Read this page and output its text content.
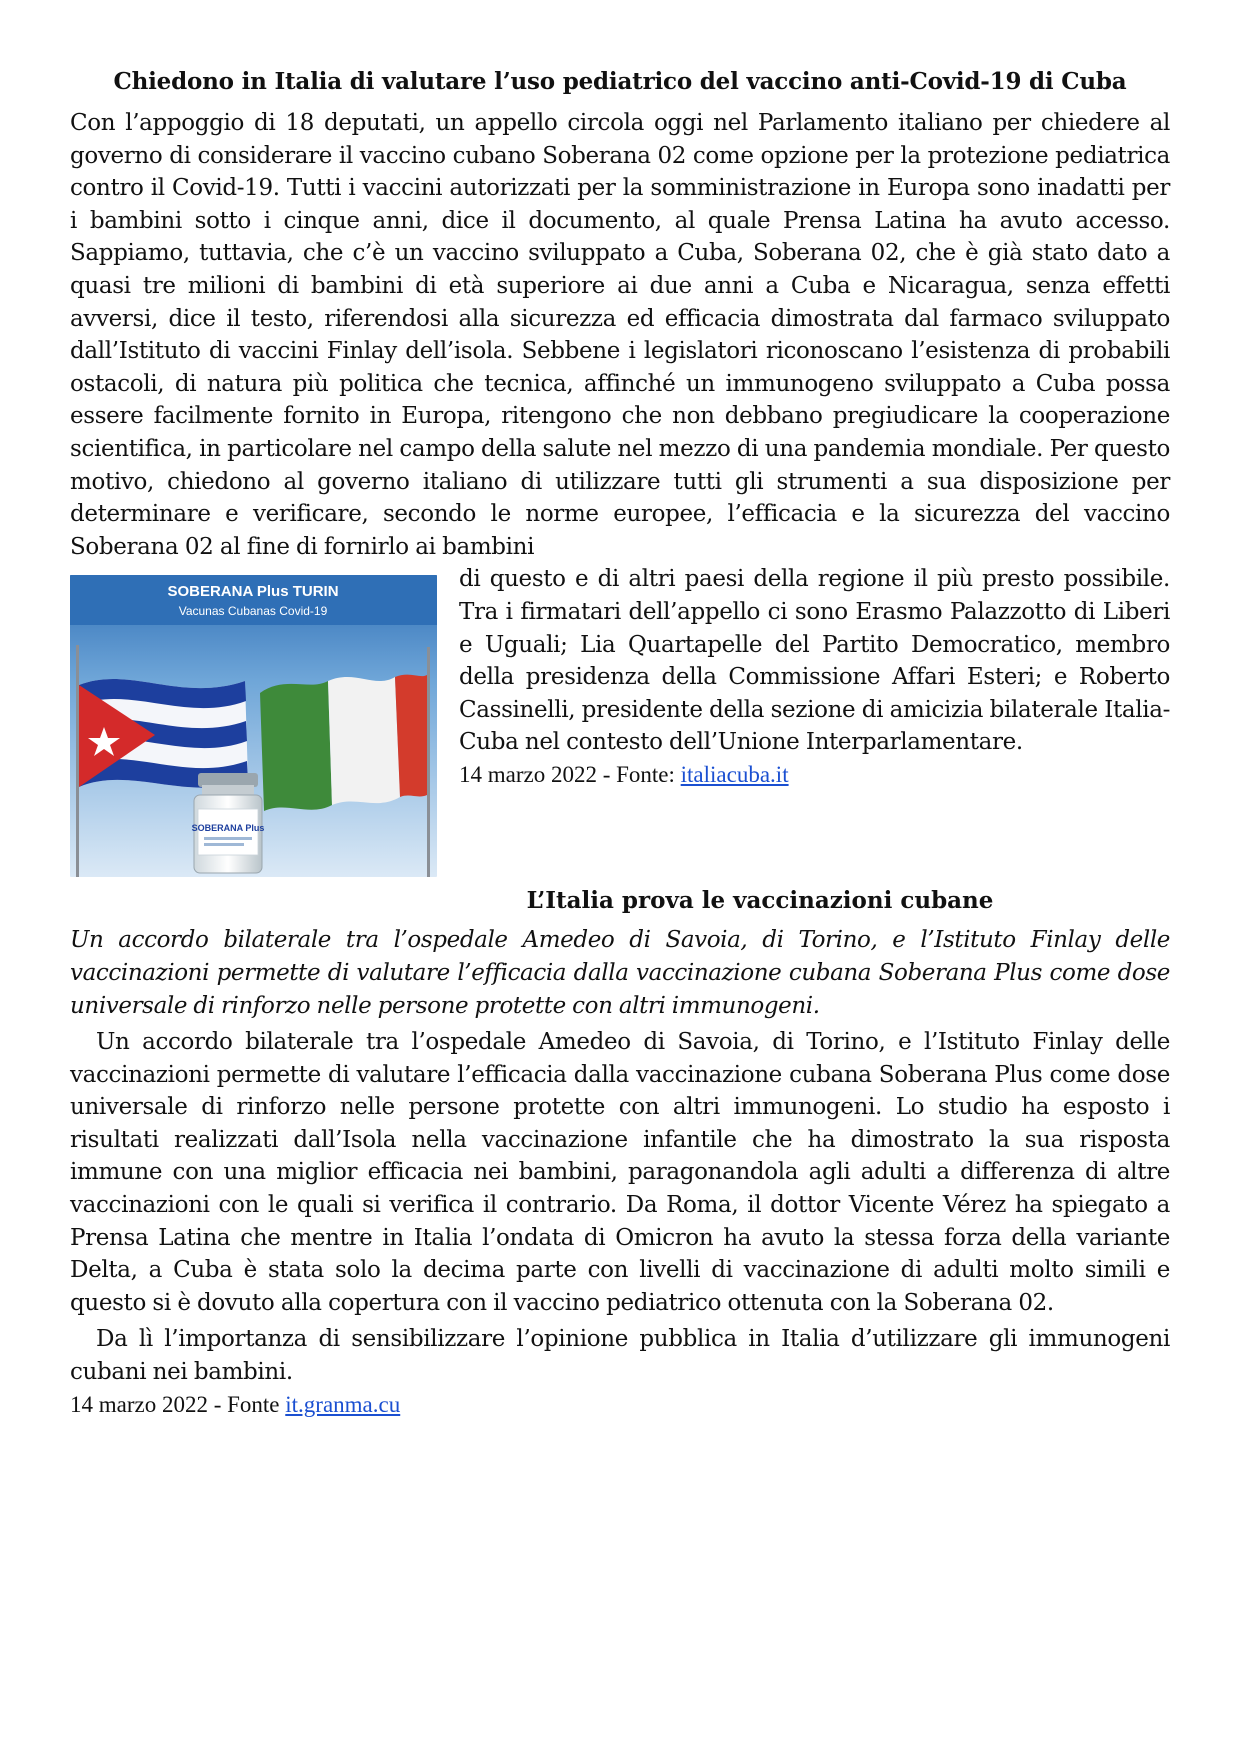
Chiedono in Italia di valutare l’uso pediatrico del vaccino anti-Covid-19 di Cuba

Con l’appoggio di 18 deputati, un appello circola oggi nel Parlamento italiano per chiedere al governo di considerare il vaccino cubano Soberana 02 come opzione per la protezione pediatrica contro il Covid-19. Tutti i vaccini autorizzati per la somministrazione in Europa sono inadatti per i bambini sotto i cinque anni, dice il documento, al quale Prensa Latina ha avuto accesso. Sappiamo, tuttavia, che c’è un vaccino sviluppato a Cuba, Soberana 02, che è già stato dato a quasi tre milioni di bambini di età superiore ai due anni a Cuba e Nicaragua, senza effetti avversi, dice il testo, riferendosi alla sicurezza ed efficacia dimostrata dal farmaco sviluppato dall’Istituto di vaccini Finlay dell’isola. Sebbene i legislatori riconoscano l’esistenza di probabili ostacoli, di natura più politica che tecnica, affinché un immunogeno sviluppato a Cuba possa essere facilmente fornito in Europa, ritengono che non debbano pregiudicare la cooperazione scientifica, in particolare nel campo della salute nel mezzo di una pandemia mondiale. Per questo motivo, chiedono al governo italiano di utilizzare tutti gli strumenti a sua disposizione per determinare e verificare, secondo le norme europee, l’efficacia e la sicurezza del vaccino Soberana 02 al fine di fornirlo ai bambini

SOBERANA Plus TURIN
Vacunas Cubanas Covid-19
SOBERANA Plus

di questo e di altri paesi della regione il più presto possibile. Tra i firmatari dell’appello ci sono Erasmo Palazzotto di Liberi e Uguali; Lia Quartapelle del Partito Democratico, membro della presidenza della Commissione Affari Esteri; e Roberto Cassinelli, presidente della sezione di amicizia bilaterale Italia-Cuba nel contesto dell’Unione Interparlamentare.

14 marzo 2022 - Fonte: italiacuba.it

L’Italia prova le vaccinazioni cubane

Un accordo bilaterale tra l’ospedale Amedeo di Savoia, di Torino, e l’Istituto Finlay delle vaccinazioni permette di valutare l’efficacia dalla vaccinazione cubana Soberana Plus come dose universale di rinforzo nelle persone protette con altri immunogeni.

Un accordo bilaterale tra l’ospedale Amedeo di Savoia, di Torino, e l’Istituto Finlay delle vaccinazioni permette di valutare l’efficacia dalla vaccinazione cubana Soberana Plus come dose universale di rinforzo nelle persone protette con altri immunogeni. Lo studio ha esposto i risultati realizzati dall’Isola nella vaccinazione infantile che ha dimostrato la sua risposta immune con una miglior efficacia nei bambini, paragonandola agli adulti a differenza di altre vaccinazioni con le quali si verifica il contrario. Da Roma, il dottor Vicente Vérez ha spiegato a Prensa Latina che mentre in Italia l’ondata di Omicron ha avuto la stessa forza della variante Delta, a Cuba è stata solo la decima parte con livelli di vaccinazione di adulti molto simili e questo si è dovuto alla copertura con il vaccino pediatrico ottenuta con la Soberana 02.

Da lì l’importanza di sensibilizzare l’opinione pubblica in Italia d’utilizzare gli immunogeni cubani nei bambini.

14 marzo 2022 - Fonte it.granma.cu
